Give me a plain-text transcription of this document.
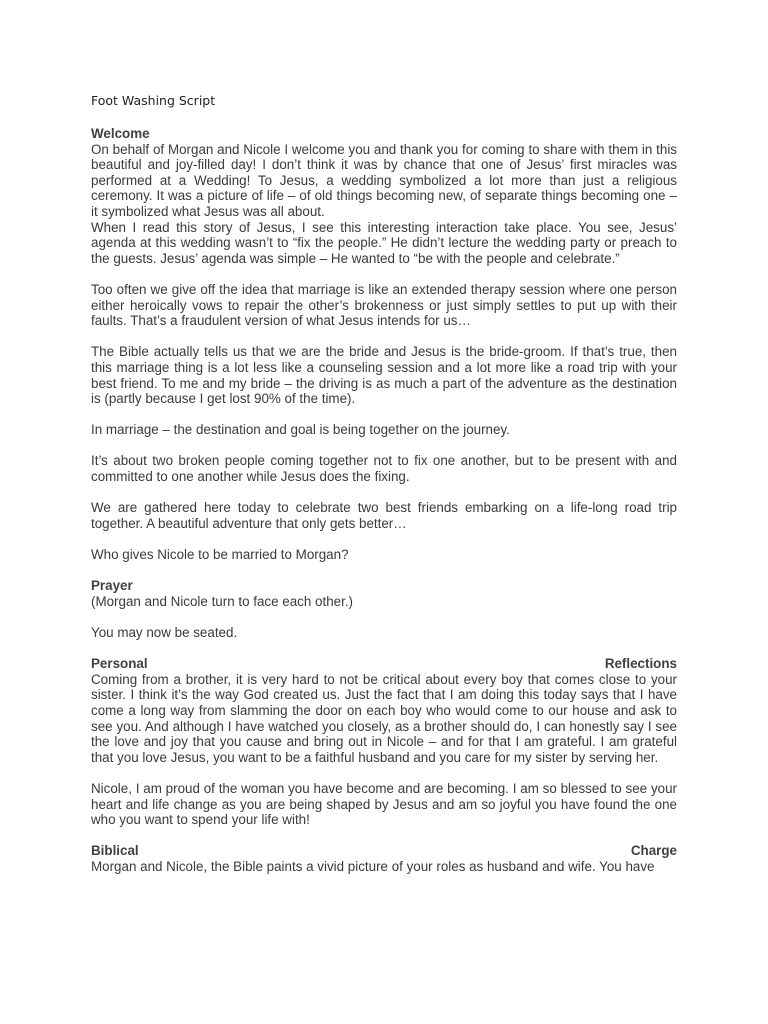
Foot Washing Script
Welcome

On behalf of Morgan and Nicole I welcome you and thank you for coming to share with them in this beautiful and joy-filled day! I don’t think it was by chance that one of Jesus’ first miracles was performed at a Wedding! To Jesus, a wedding symbolized a lot more than just a religious ceremony. It was a picture of life – of old things becoming new, of separate things becoming one – it symbolized what Jesus was all about.

When I read this story of Jesus, I see this interesting interaction take place. You see, Jesus’ agenda at this wedding wasn’t to “fix the people.” He didn’t lecture the wedding party or preach to the guests. Jesus’ agenda was simple – He wanted to “be with the people and celebrate.”

Too often we give off the idea that marriage is like an extended therapy session where one person either heroically vows to repair the other’s brokenness or just simply settles to put up with their faults. That’s a fraudulent version of what Jesus intends for us…

The Bible actually tells us that we are the bride and Jesus is the bride-groom. If that’s true, then this marriage thing is a lot less like a counseling session and a lot more like a road trip with your best friend. To me and my bride – the driving is as much a part of the adventure as the destination is (partly because I get lost 90% of the time).

In marriage – the destination and goal is being together on the journey.

It’s about two broken people coming together not to fix one another, but to be present with and committed to one another while Jesus does the fixing.

We are gathered here today to celebrate two best friends embarking on a life-long road trip together. A beautiful adventure that only gets better…

Who gives Nicole to be married to Morgan?

Prayer

(Morgan and Nicole turn to face each other.)

You may now be seated.

Personal	Reflections

Coming from a brother, it is very hard to not be critical about every boy that comes close to your sister. I think it’s the way God created us. Just the fact that I am doing this today says that I have come a long way from slamming the door on each boy who would come to our house and ask to see you. And although I have watched you closely, as a brother should do, I can honestly say I see the love and joy that you cause and bring out in Nicole – and for that I am grateful. I am grateful that you love Jesus, you want to be a faithful husband and you care for my sister by serving her.

Nicole, I am proud of the woman you have become and are becoming. I am so blessed to see your heart and life change as you are being shaped by Jesus and am so joyful you have found the one who you want to spend your life with!

Biblical	Charge

Morgan and Nicole, the Bible paints a vivid picture of your roles as husband and wife. You have
